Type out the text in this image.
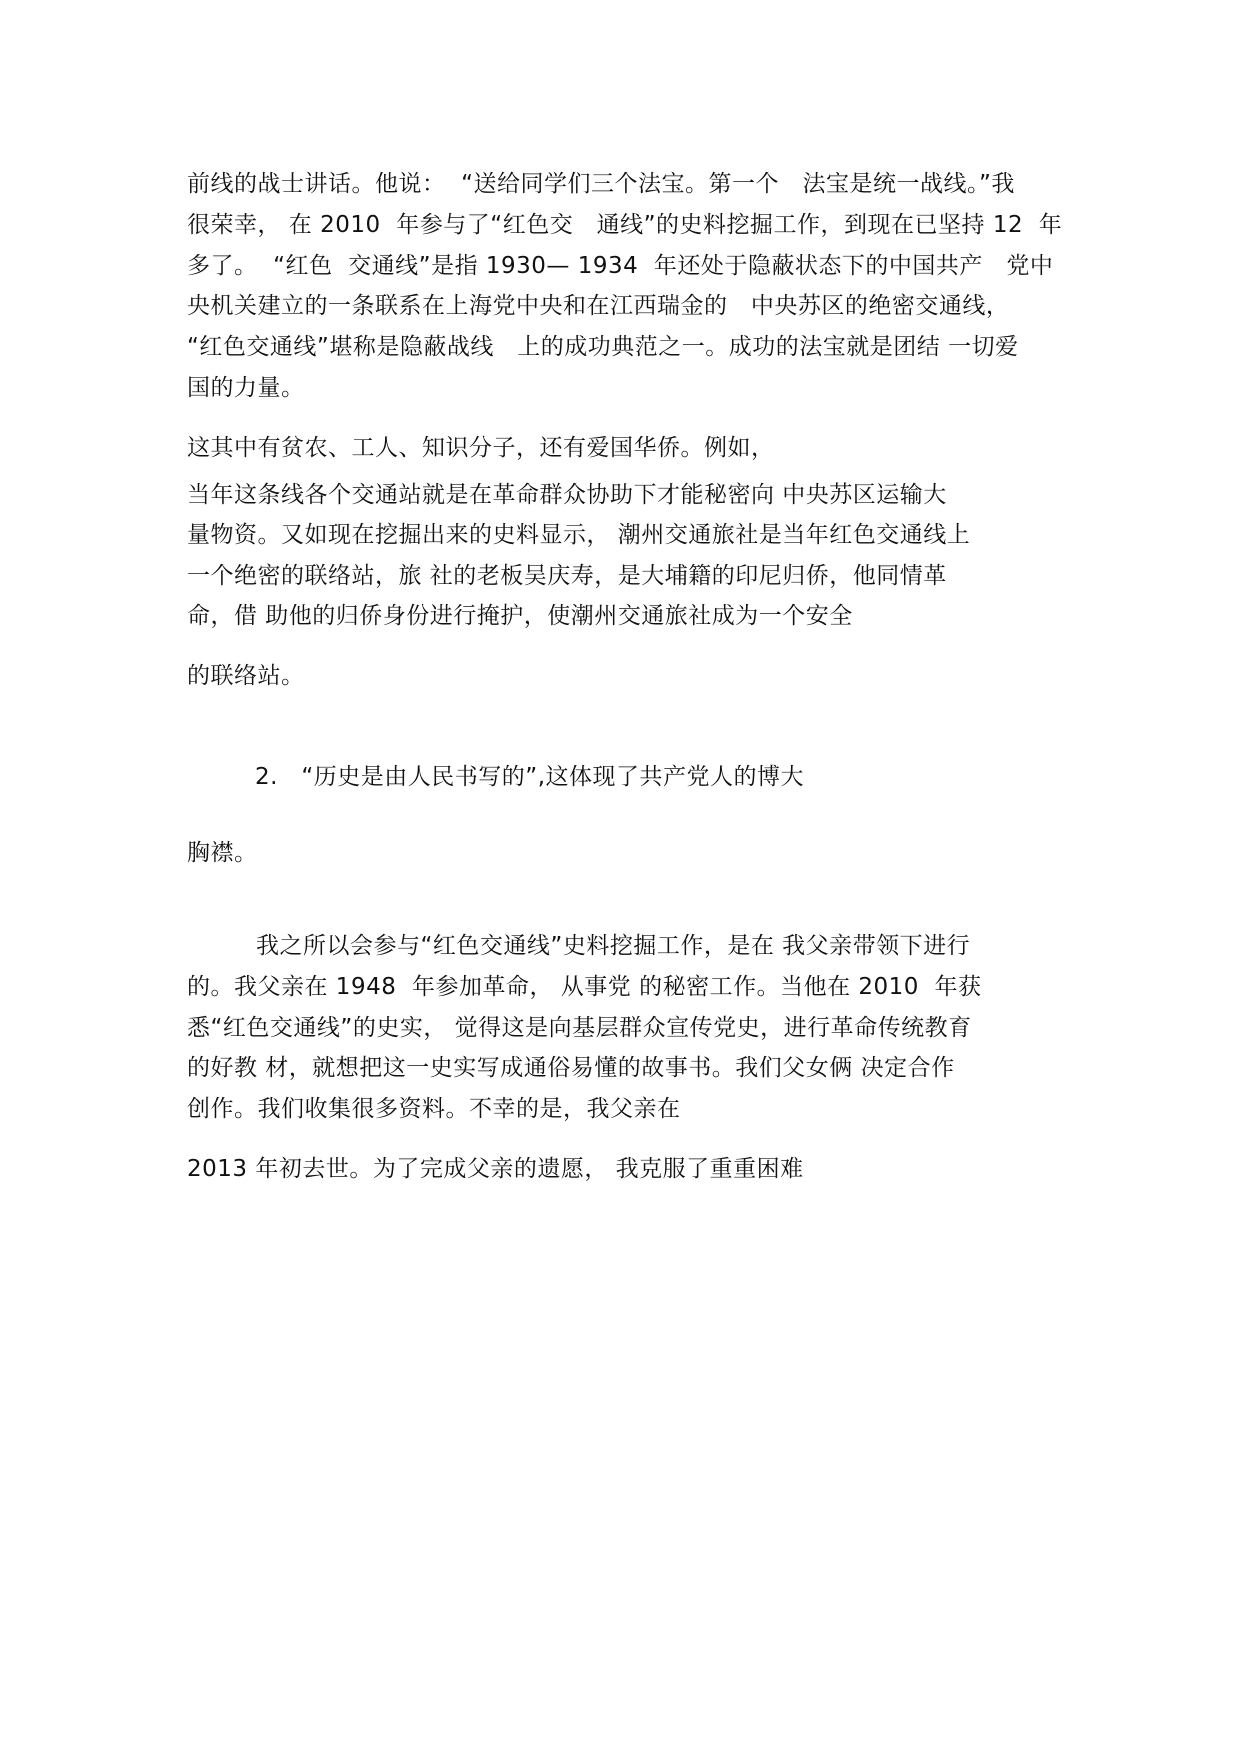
前线的战士讲话。他说：  “送给同学们三个法宝。第一个   法宝是统一战线。”我
很荣幸， 在 2010  年参与了“红色交   通线”的史料挖掘工作，到现在已坚持 12  年
多了。  “红色  交通线”是指 1930— 1934  年还处于隐蔽状态下的中国共产   党中
央机关建立的一条联系在上海党中央和在江西瑞金的   中央苏区的绝密交通线，
“红色交通线”堪称是隐蔽战线   上的成功典范之一。成功的法宝就是团结 一切爱
国的力量。
这其中有贫农、工人、知识分子，还有爱国华侨。例如，
当年这条线各个交通站就是在革命群众协助下才能秘密向 中央苏区运输大
量物资。又如现在挖掘出来的史料显示， 潮州交通旅社是当年红色交通线上
一个绝密的联络站，旅 社的老板吴庆寿，是大埔籍的印尼归侨，他同情革
命，借 助他的归侨身份进行掩护，使潮州交通旅社成为一个安全
的联络站。
2.   “历史是由人民书写的”,这体现了共产党人的博大
胸襟。
我之所以会参与“红色交通线”史料挖掘工作，是在 我父亲带领下进行
的。我父亲在 1948  年参加革命， 从事党 的秘密工作。当他在 2010  年获
悉“红色交通线”的史实， 觉得这是向基层群众宣传党史，进行革命传统教育
的好教 材，就想把这一史实写成通俗易懂的故事书。我们父女俩 决定合作
创作。我们收集很多资料。不幸的是，我父亲在
2013 年初去世。为了完成父亲的遗愿， 我克服了重重困难
